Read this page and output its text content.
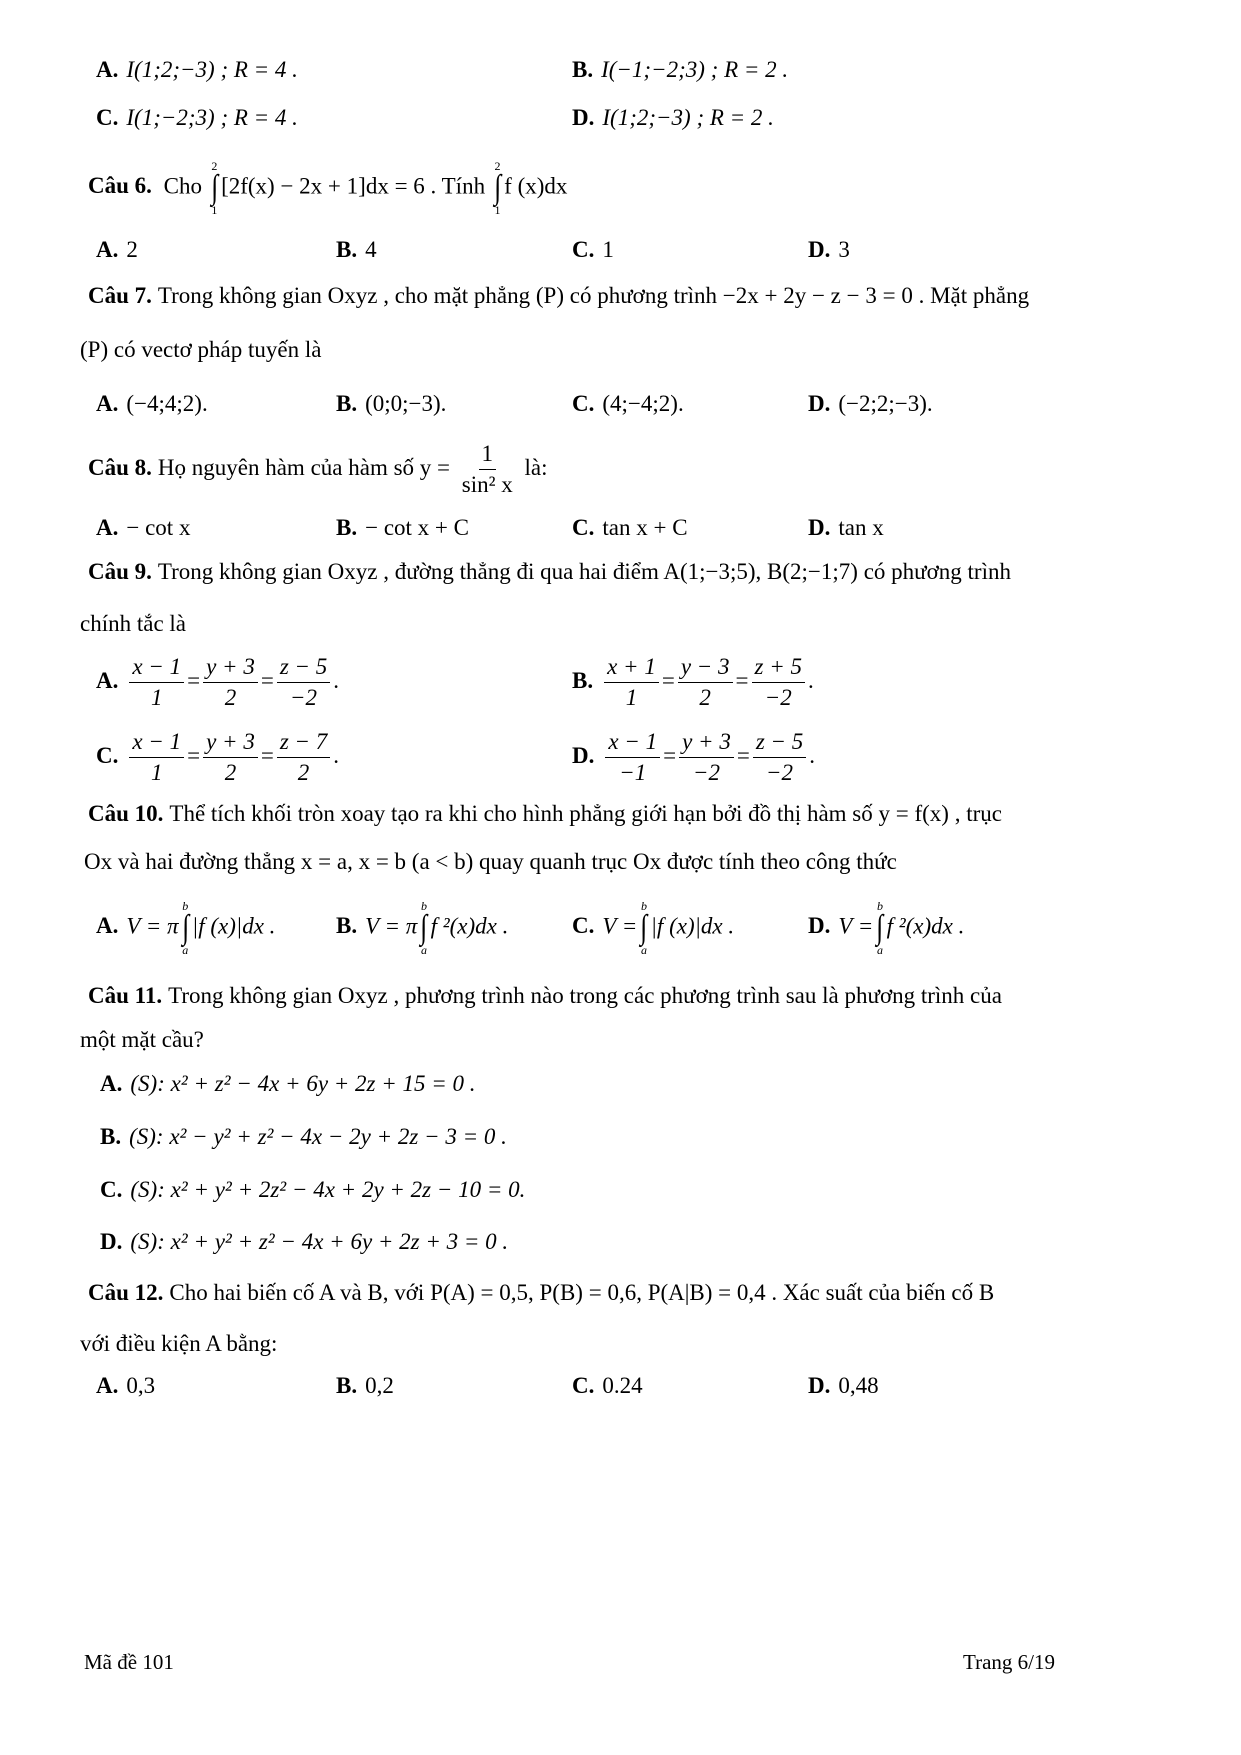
A. I(1;2;−3) ; R = 4 .	B. I(−1;−2;3) ; R = 2 .
C. I(1;−2;3) ; R = 4 .	D. I(1;2;−3) ; R = 2 .
Câu 6. Cho
2
∫
1
[2f(x) − 2x + 1]dx = 6 . Tính
2
∫
1
f (x)dx
A. 2	B. 4	C. 1	D. 3
Câu 7. Trong không gian Oxyz , cho mặt phẳng (P) có phương trình −2x + 2y − z − 3 = 0 . Mặt phẳng
(P) có vectơ pháp tuyến là
A. (−4;4;2).	B. (0;0;−3).	C. (4;−4;2).	D. (−2;2;−3).
Câu 8. Họ nguyên hàm của hàm số $y = \frac{1}{\text{sin² x}}$ là:
A. − cot x	B. − cot x + C	C. tan x + C	D. tan x
Câu 9. Trong không gian Oxyz , đường thẳng đi qua hai điểm A(1;−3;5), B(2;−1;7) có phương trình
chính tắc là
A. $\frac{x - 1}{1} = \frac{y + 3}{2} = \frac{z - 5}{-2}$ .	B. $\frac{x + 1}{1} = \frac{y - 3}{2} = \frac{z + 5}{-2}$ .
C. $\frac{x - 1}{1} = \frac{y + 3}{2} = \frac{z - 7}{2}$ .	D. $\frac{x - 1}{-1} = \frac{y + 3}{-2} = \frac{z - 5}{-2}$ .
Câu 10. Thể tích khối tròn xoay tạo ra khi cho hình phẳng giới hạn bởi đồ thị hàm số y = f(x) , trục
Ox và hai đường thẳng x = a, x = b (a < b) quay quanh trục Ox được tính theo công thức
A. V = π
b
∫
a
|f (x)|dx .	B. V = π
b
∫
a
f ²(x)dx .	C. V =
b
∫
a
|f (x)|dx .	D. V =
b
∫
a
f ²(x)dx .
Câu 11. Trong không gian Oxyz , phương trình nào trong các phương trình sau là phương trình của
một mặt cầu?
A. (S): x² + z² − 4x + 6y + 2z + 15 = 0 .
B. (S): x² − y² + z² − 4x − 2y + 2z − 3 = 0 .
C. (S): x² + y² + 2z² − 4x + 2y + 2z − 10 = 0.
D. (S): x² + y² + z² − 4x + 6y + 2z + 3 = 0 .
Câu 12. Cho hai biến cố A và B, với P(A) = 0,5, P(B) = 0,6, P(A|B) = 0,4 . Xác suất của biến cố B
với điều kiện A bằng:
A. 0,3	B. 0,2	C. 0.24	D. 0,48
Mã đề 101	Trang 6/19
